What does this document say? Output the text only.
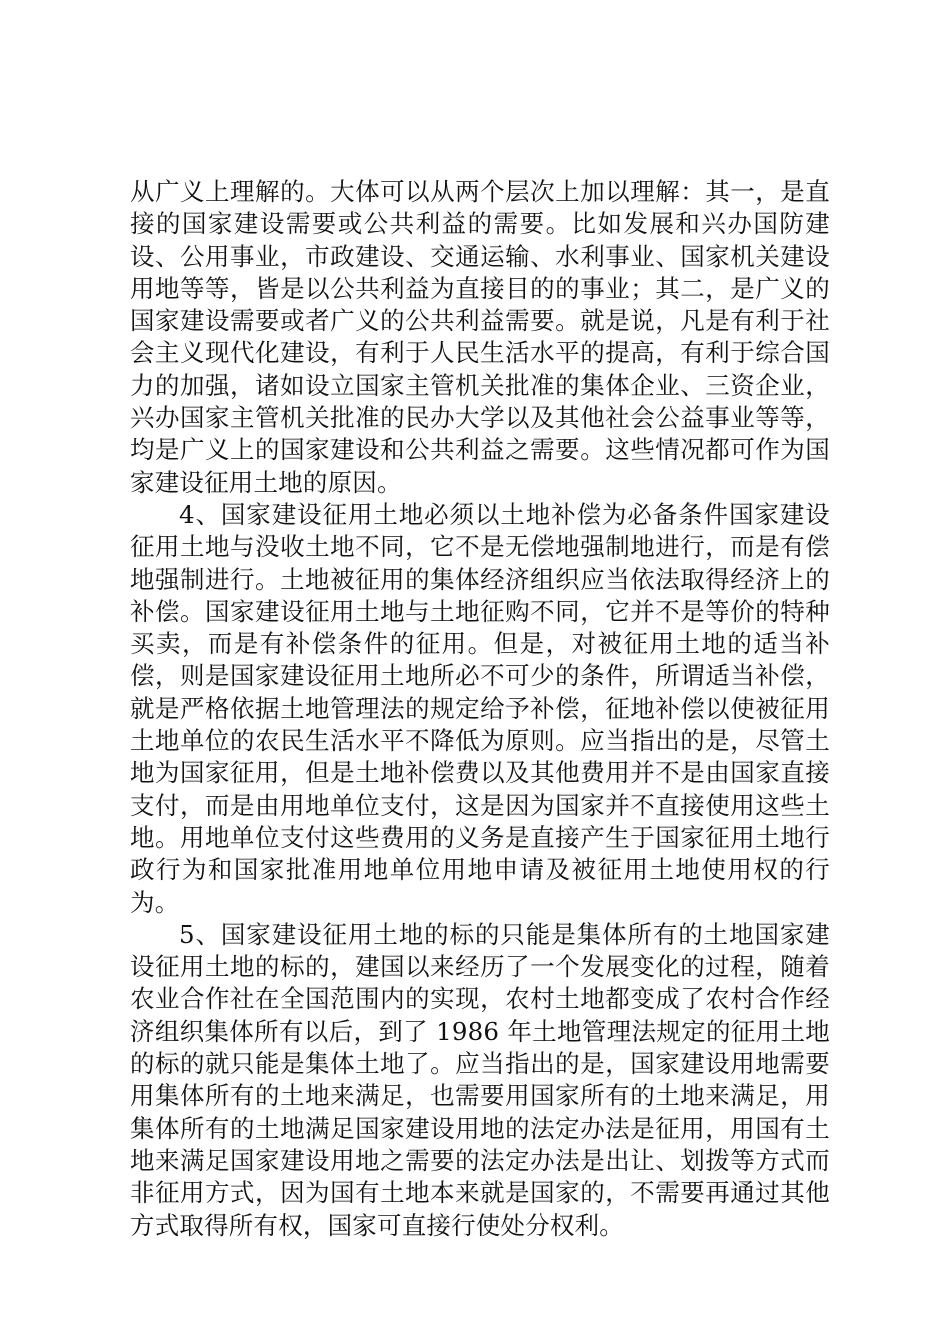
从广义上理解的。大体可以从两个层次上加以理解：其一，是直接的国家建设需要或公共利益的需要。比如发展和兴办国防建设、公用事业，市政建设、交通运输、水利事业、国家机关建设用地等等，皆是以公共利益为直接目的的事业；其二，是广义的国家建设需要或者广义的公共利益需要。就是说，凡是有利于社会主义现代化建设，有利于人民生活水平的提高，有利于综合国力的加强，诸如设立国家主管机关批准的集体企业、三资企业，兴办国家主管机关批准的民办大学以及其他社会公益事业等等，均是广义上的国家建设和公共利益之需要。这些情况都可作为国家建设征用土地的原因。

4、国家建设征用土地必须以土地补偿为必备条件国家建设征用土地与没收土地不同，它不是无偿地强制地进行，而是有偿地强制进行。土地被征用的集体经济组织应当依法取得经济上的补偿。国家建设征用土地与土地征购不同，它并不是等价的特种买卖，而是有补偿条件的征用。但是，对被征用土地的适当补偿，则是国家建设征用土地所必不可少的条件，所谓适当补偿，就是严格依据土地管理法的规定给予补偿，征地补偿以使被征用土地单位的农民生活水平不降低为原则。应当指出的是，尽管土地为国家征用，但是土地补偿费以及其他费用并不是由国家直接支付，而是由用地单位支付，这是因为国家并不直接使用这些土地。用地单位支付这些费用的义务是直接产生于国家征用土地行政行为和国家批准用地单位用地申请及被征用土地使用权的行为。

5、国家建设征用土地的标的只能是集体所有的土地国家建设征用土地的标的，建国以来经历了一个发展变化的过程，随着农业合作社在全国范围内的实现，农村土地都变成了农村合作经济组织集体所有以后，到了 1986 年土地管理法规定的征用土地的标的就只能是集体土地了。应当指出的是，国家建设用地需要用集体所有的土地来满足，也需要用国家所有的土地来满足，用集体所有的土地满足国家建设用地的法定办法是征用，用国有土地来满足国家建设用地之需要的法定办法是出让、划拨等方式而非征用方式，因为国有土地本来就是国家的，不需要再通过其他方式取得所有权，国家可直接行使处分权利。
